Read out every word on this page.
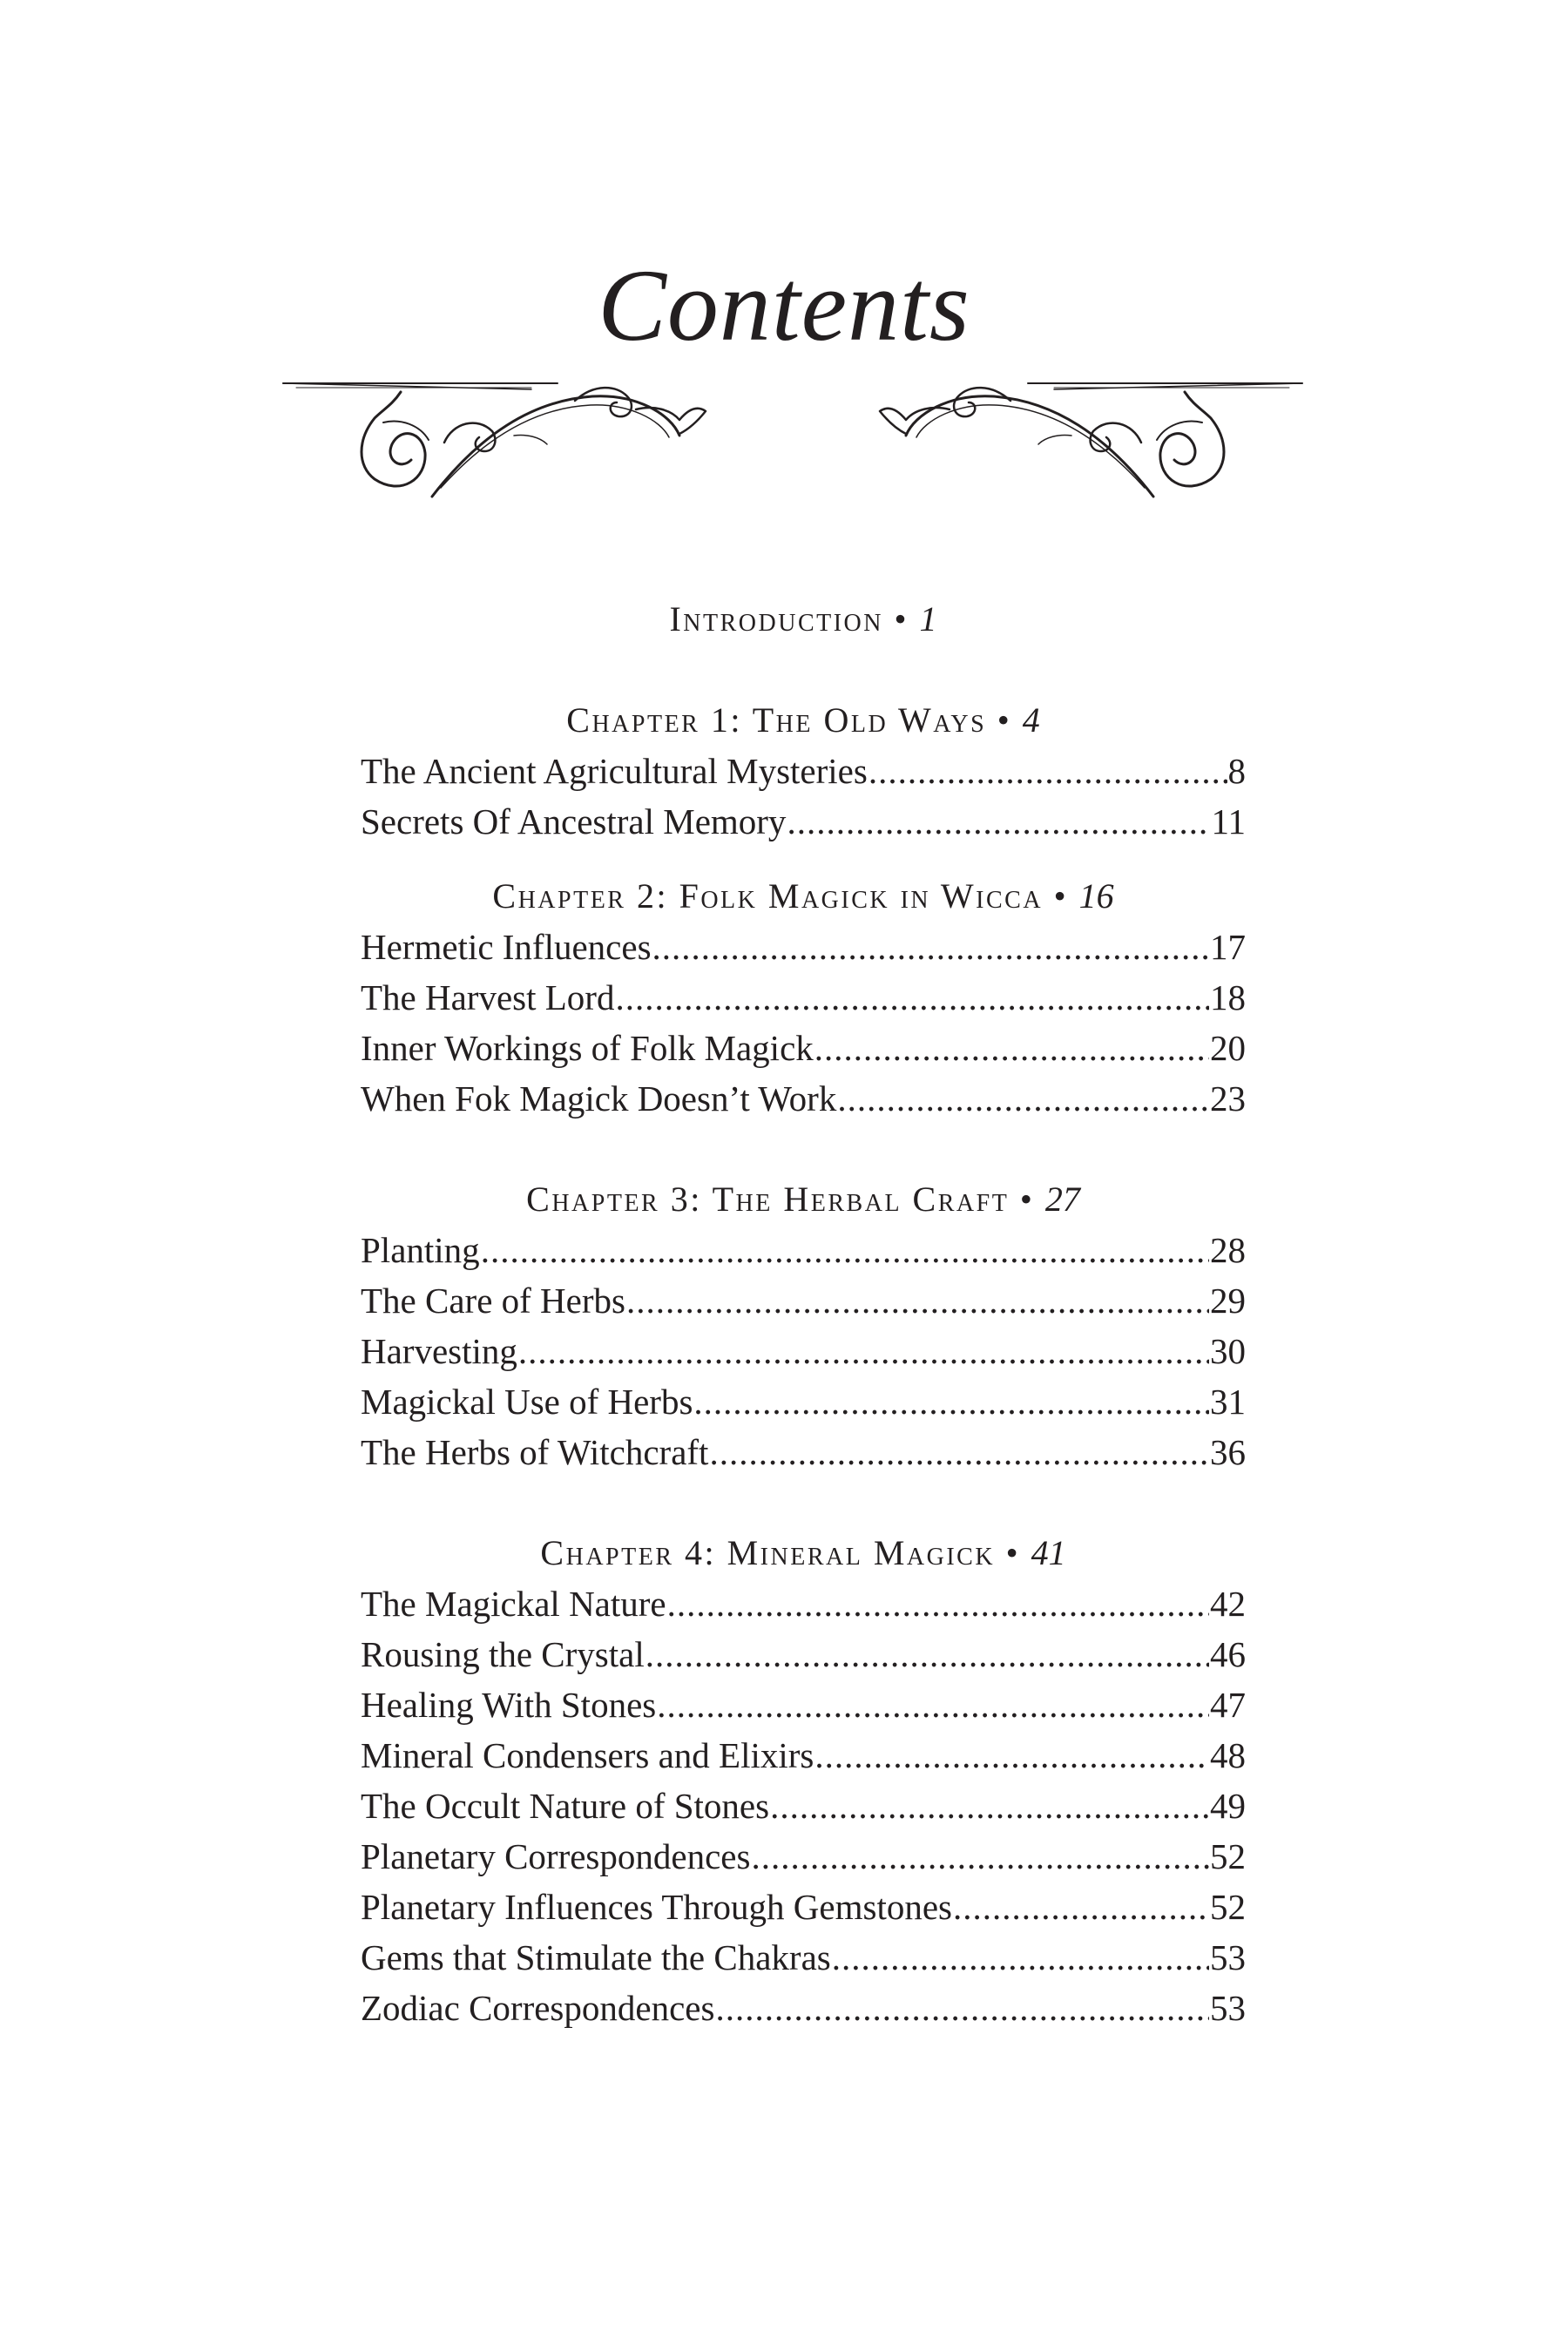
Contents
Introduction • 1
Chapter 1: The Old Ways • 4
The Ancient Agricultural Mysteries .....	8
Secrets Of Ancestral Memory .....	11
Chapter 2: Folk Magick in Wicca • 16
Hermetic Influences .....	17
The Harvest Lord .....	18
Inner Workings of Folk Magick .....	20
When Fok Magick Doesn’t Work .....	23
Chapter 3: The Herbal Craft • 27
Planting .....	28
The Care of Herbs .....	29
Harvesting .....	30
Magickal Use of Herbs .....	31
The Herbs of Witchcraft .....	36
Chapter 4: Mineral Magick • 41
The Magickal Nature .....	42
Rousing the Crystal .....	46
Healing With Stones .....	47
Mineral Condensers and Elixirs .....	48
The Occult Nature of Stones .....	49
Planetary Correspondences .....	52
Planetary Influences Through Gemstones .....	52
Gems that Stimulate the Chakras .....	53
Zodiac Correspondences .....	53
